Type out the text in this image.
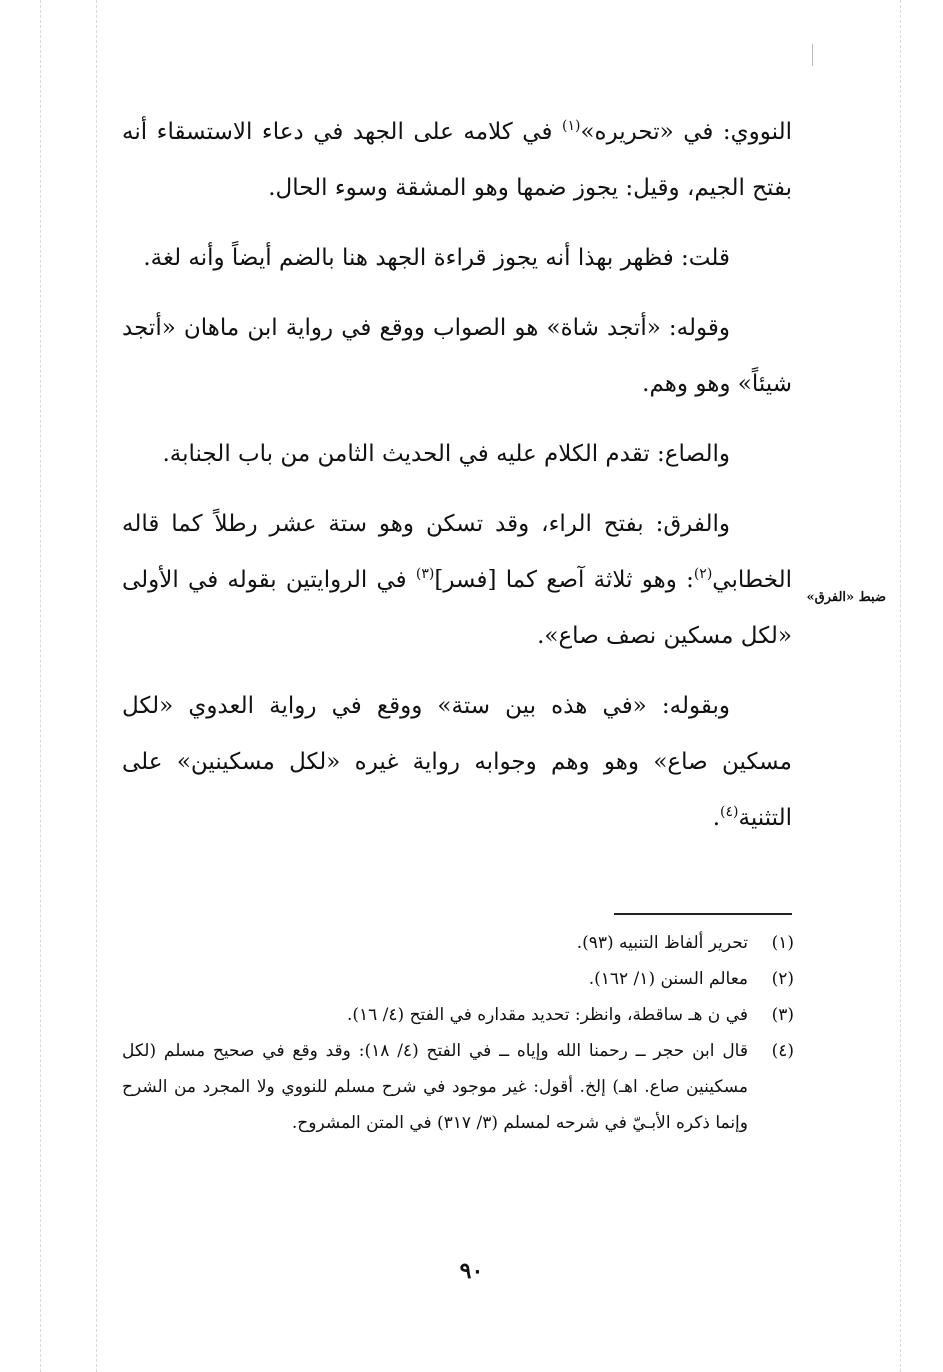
النووي: في «تحريره»$^{(١)}$ في كلامه على الجهد في دعاء الاستسقاء أنه بفتح الجيم، وقيل: يجوز ضمها وهو المشقة وسوء الحال.

قلت: فظهر بهذا أنه يجوز قراءة الجهد هنا بالضم أيضاً وأنه لغة.

وقوله: «أتجد شاة» هو الصواب ووقع في رواية ابن ماهان «أتجد شيئاً» وهو وهم.

والصاع: تقدم الكلام عليه في الحديث الثامن من باب الجنابة.

والفرق: بفتح الراء، وقد تسكن وهو ستة عشر رطلاً كما قاله الخطابي$^{(٢)}$: وهو ثلاثة آصع كما [فسر]$^{(٣)}$ في الروايتين بقوله في الأولى «لكل مسكين نصف صاع».

وبقوله: «في هذه بين ستة» ووقع في رواية العدوي «لكل مسكين صاع» وهو وهم وجوابه رواية غيره «لكل مسكينين» على التثنية$^{(٤)}$.

ضبط «الفرق»
(١)
تحرير ألفاظ التنبيه (٩٣).
(٢)
معالم السنن (١/ ١٦٢).
(٣)
في ن هـ ساقطة، وانظر: تحديد مقداره في الفتح (٤/ ١٦).
(٤)
قال ابن حجر ــ رحمنا الله وإياه ــ في الفتح (٤/ ١٨): وقد وقع في صحيح مسلم (لكل مسكينين صاع. اهـ) إلخ. أقول: غير موجود في شرح مسلم للنووي ولا المجرد من الشرح وإنما ذكره الأبـيّ في شرحه لمسلم (٣/ ٣١٧) في المتن المشروح.
٩٠
